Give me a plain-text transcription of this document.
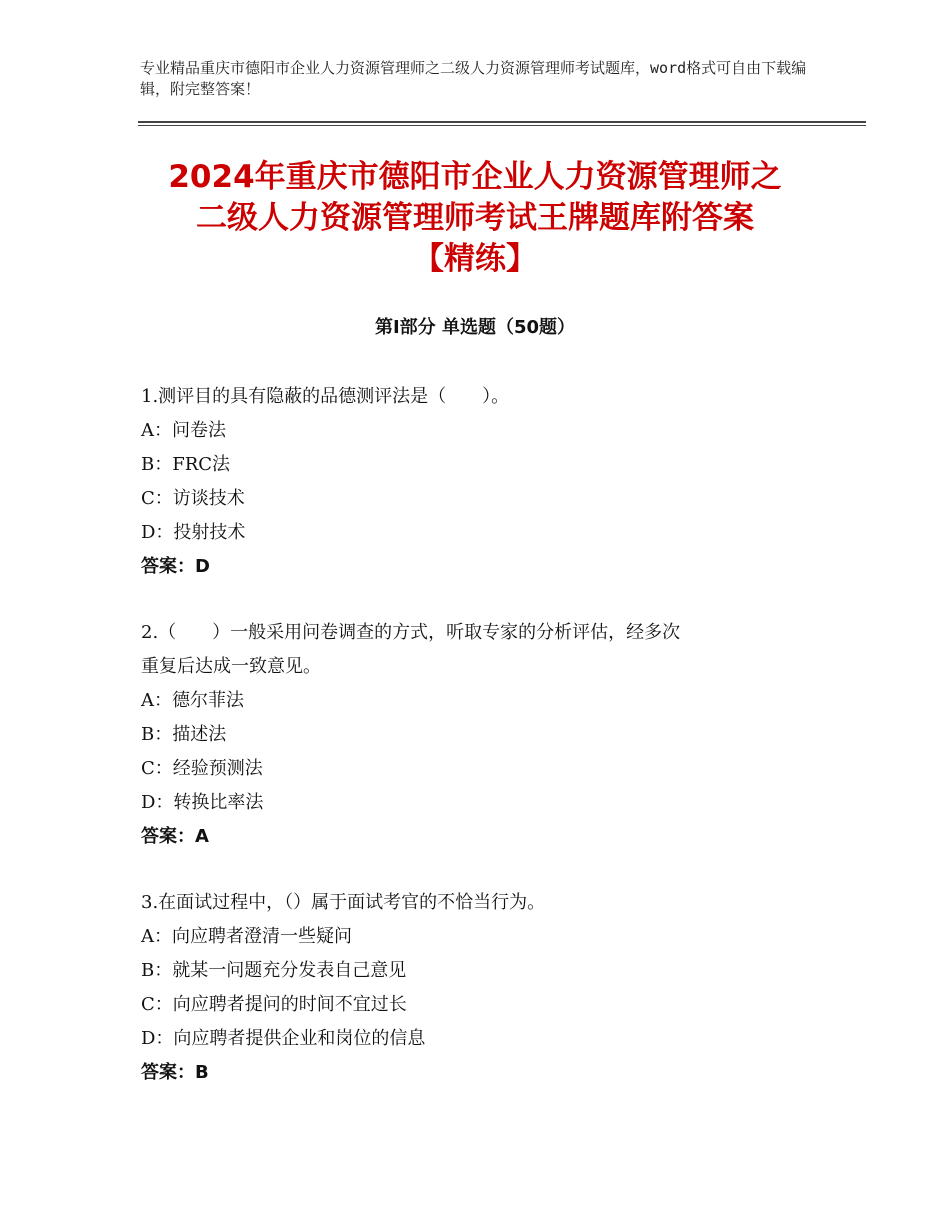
专业精品重庆市德阳市企业人力资源管理师之二级人力资源管理师考试题库，word格式可自由下载编辑，附完整答案！

2024年重庆市德阳市企业人力资源管理师之
二级人力资源管理师考试王牌题库附答案
【精练】
第Ⅰ部分 单选题（50题）

1.测评目的具有隐蔽的品德测评法是（　　）。

A：问卷法
B：FRC法
C：访谈技术
D：投射技术

答案：D

2.（　　）一般采用问卷调查的方式，听取专家的分析评估，经多次

重复后达成一致意见。

A：德尔菲法
B：描述法
C：经验预测法
D：转换比率法

答案：A

3.在面试过程中，（）属于面试考官的不恰当行为。

A：向应聘者澄清一些疑问
B：就某一问题充分发表自己意见
C：向应聘者提问的时间不宜过长
D：向应聘者提供企业和岗位的信息

答案：B
